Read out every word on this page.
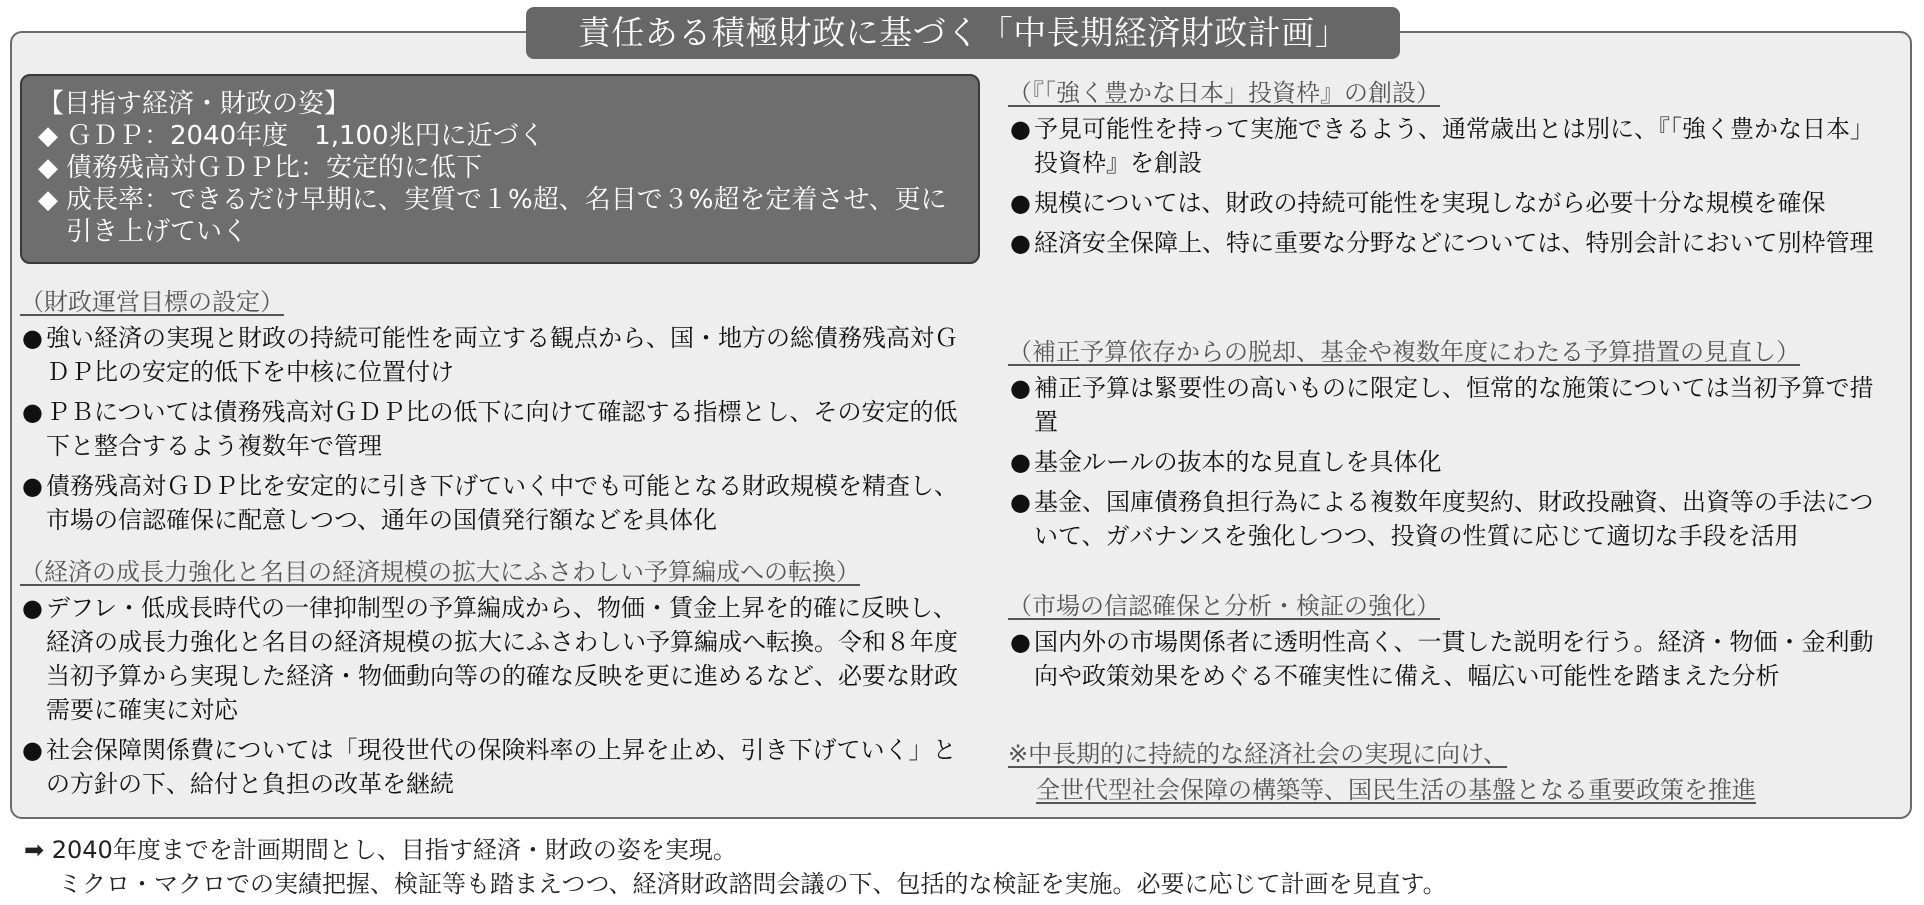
責任ある積極財政に基づく「中長期経済財政計画」
【目指す経済・財政の姿】
◆ ＧＤＰ：2040年度　1,100兆円に近づく
◆ 債務残高対ＧＤＰ比：安定的に低下
◆ 成長率：できるだけ早期に、実質で１%超、名目で３%超を定着させ、更に引き上げていく
（財政運営目標の設定）
● 強い経済の実現と財政の持続可能性を両立する観点から、国・地方の総債務残高対ＧＤＰ比の安定的低下を中核に位置付け
● ＰＢについては債務残高対ＧＤＰ比の低下に向けて確認する指標とし、その安定的低下と整合するよう複数年で管理
● 債務残高対ＧＤＰ比を安定的に引き下げていく中でも可能となる財政規模を精査し、市場の信認確保に配意しつつ、通年の国債発行額などを具体化
（経済の成長力強化と名目の経済規模の拡大にふさわしい予算編成への転換）
● デフレ・低成長時代の一律抑制型の予算編成から、物価・賃金上昇を的確に反映し、経済の成長力強化と名目の経済規模の拡大にふさわしい予算編成へ転換。令和８年度当初予算から実現した経済・物価動向等の的確な反映を更に進めるなど、必要な財政需要に確実に対応
● 社会保障関係費については「現役世代の保険料率の上昇を止め、引き下げていく」との方針の下、給付と負担の改革を継続
（『「強く豊かな日本」投資枠』の創設）
● 予見可能性を持って実施できるよう、通常歳出とは別に、『「強く豊かな日本」投資枠』を創設
● 規模については、財政の持続可能性を実現しながら必要十分な規模を確保
● 経済安全保障上、特に重要な分野などについては、特別会計において別枠管理
（補正予算依存からの脱却、基金や複数年度にわたる予算措置の見直し）
● 補正予算は緊要性の高いものに限定し、恒常的な施策については当初予算で措置
● 基金ルールの抜本的な見直しを具体化
● 基金、国庫債務負担行為による複数年度契約、財政投融資、出資等の手法について、ガバナンスを強化しつつ、投資の性質に応じて適切な手段を活用
（市場の信認確保と分析・検証の強化）
● 国内外の市場関係者に透明性高く、一貫した説明を行う。経済・物価・金利動向や政策効果をめぐる不確実性に備え、幅広い可能性を踏まえた分析
※中長期的に持続的な経済社会の実現に向け、
全世代型社会保障の構築等、国民生活の基盤となる重要政策を推進
➡ 2040年度までを計画期間とし、目指す経済・財政の姿を実現。
ミクロ・マクロでの実績把握、検証等も踏まえつつ、経済財政諮問会議の下、包括的な検証を実施。必要に応じて計画を見直す。
